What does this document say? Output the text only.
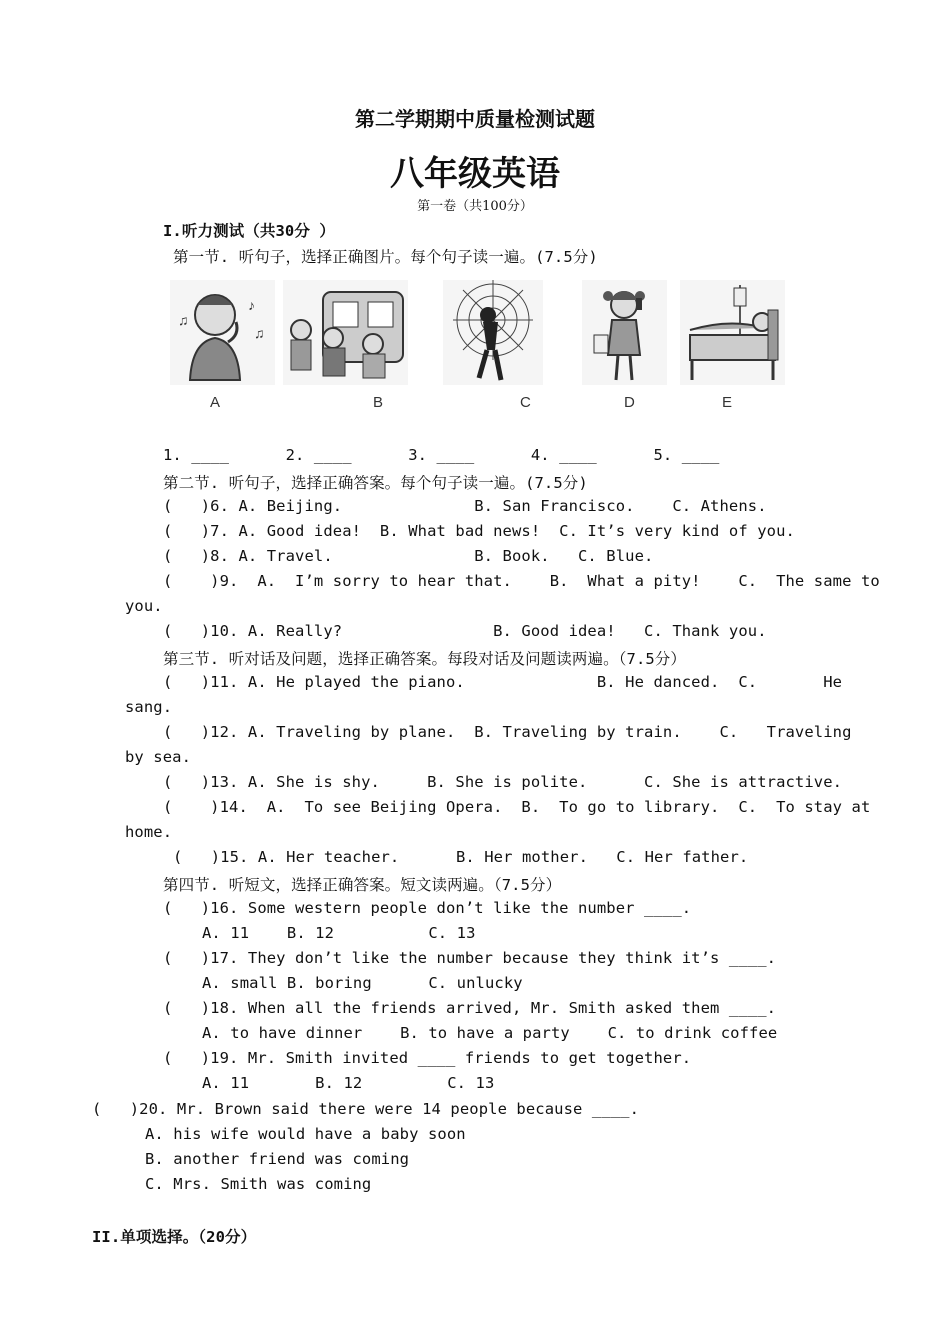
第二学期期中质量检测试题
八年级英语
第一卷（共100分）
I.听力测试（共30分 ）
第一节. 听句子，选择正确图片。每个句子读一遍。(7.5分)
♫
♪
♫
A	B	C	D	E
1. ____      2. ____      3. ____      4. ____      5. ____
第二节. 听句子，选择正确答案。每个句子读一遍。(7.5分)
(   )6. A. Beijing.              B. San Francisco.    C. Athens.
(   )7. A. Good idea!  B. What bad news!  C. It’s very kind of you.
(   )8. A. Travel.               B. Book.   C. Blue.
(    )9.  A.  I’m sorry to hear that.    B.  What a pity!    C.  The same to
you.
(   )10. A. Really?                B. Good idea!   C. Thank you.
第三节. 听对话及问题，选择正确答案。每段对话及问题读两遍。（7.5分）
(   )11. A. He played the piano.              B. He danced.  C.       He
sang.
(   )12. A. Traveling by plane.  B. Traveling by train.    C.   Traveling
by sea.
(   )13. A. She is shy.     B. She is polite.      C. She is attractive.
(    )14.  A.  To see Beijing Opera.  B.  To go to library.  C.  To stay at
home.
(   )15. A. Her teacher.      B. Her mother.   C. Her father.
第四节. 听短文，选择正确答案。短文读两遍。（7.5分）
(   )16. Some western people don’t like the number ____.
A. 11    B. 12          C. 13
(   )17. They don’t like the number because they think it’s ____.
A. small B. boring      C. unlucky
(   )18. When all the friends arrived, Mr. Smith asked them ____.
A. to have dinner    B. to have a party    C. to drink coffee
(   )19. Mr. Smith invited ____ friends to get together.
A. 11       B. 12         C. 13
(   )20. Mr. Brown said there were 14 people because ____.
A. his wife would have a baby soon
B. another friend was coming
C. Mrs. Smith was coming
II.单项选择。（20分）
